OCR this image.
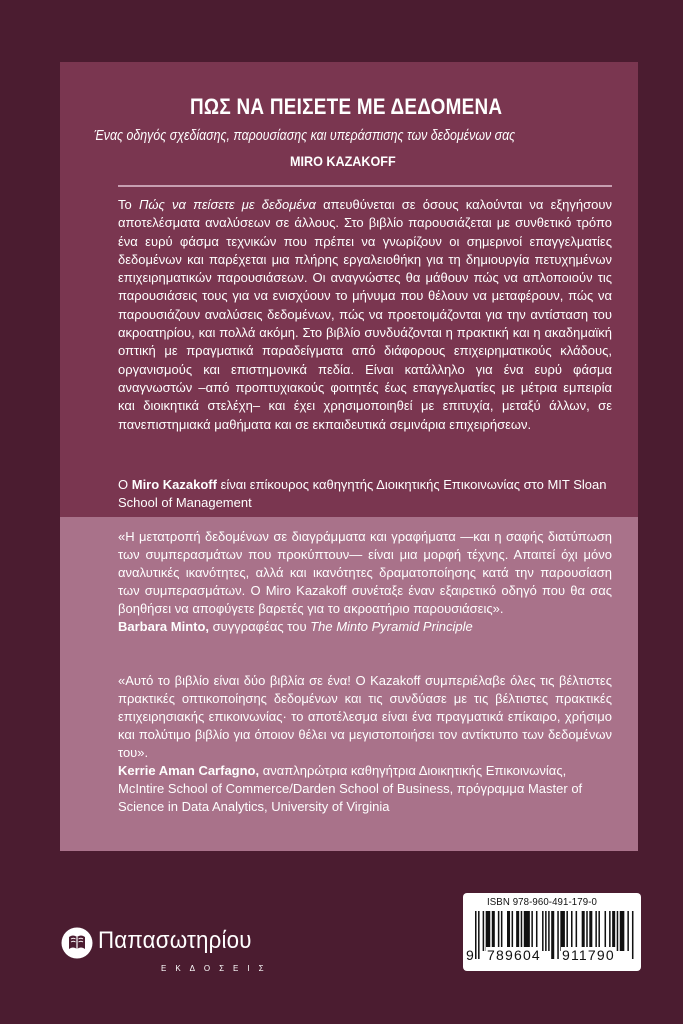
ΠΩΣ ΝΑ ΠΕΙΣΕΤΕ ΜΕ ΔΕΔΟΜΕΝΑ
Ένας οδηγός σχεδίασης, παρουσίασης και υπεράσπισης των δεδομένων σας
MIRO KAZAKOFF
Το Πώς να πείσετε με δεδομένα απευθύνεται σε όσους καλούνται να εξηγήσουν αποτελέσματα αναλύσεων σε άλλους. Στο βιβλίο παρουσιάζεται με συνθετικό τρόπο ένα ευρύ φάσμα τεχνικών που πρέπει να γνωρίζουν οι σημερινοί επαγγελματίες δεδομένων και παρέχεται μια πλήρης εργαλειοθήκη για τη δημιουργία πετυχημένων επιχειρηματικών παρουσιάσεων. Οι αναγνώστες θα μάθουν πώς να απλοποιούν τις παρουσιάσεις τους για να ενισχύουν το μήνυμα που θέλουν να μεταφέρουν, πώς να παρουσιάζουν αναλύσεις δεδομένων, πώς να προετοιμάζονται για την αντίσταση του ακροατηρίου, και πολλά ακόμη. Στο βιβλίο συνδυάζονται η πρακτική και η ακαδημαϊκή οπτική με πραγματικά παραδείγματα από διάφορους επιχειρηματικούς κλάδους, οργανισμούς και επιστημονικά πεδία. Είναι κατάλληλο για ένα ευρύ φάσμα αναγνωστών –από προπτυχιακούς φοιτητές έως επαγγελματίες με μέτρια εμπειρία και διοικητικά στελέχη– και έχει χρησιμοποιηθεί με επιτυχία, μεταξύ άλλων, σε πανεπιστημιακά μαθήματα και σε εκπαιδευτικά σεμινάρια επιχειρήσεων.
Ο Miro Kazakoff είναι επίκουρος καθηγητής Διοικητικής Επικοινωνίας στο MIT Sloan School of Management
«Η μετατροπή δεδομένων σε διαγράμματα και γραφήματα —και η σαφής διατύπωση των συμπερασμάτων που προκύπτουν— είναι μια μορφή τέχνης. Απαιτεί όχι μόνο αναλυτικές ικανότητες, αλλά και ικανότητες δραματοποίησης κατά την παρουσίαση των συμπερασμάτων. Ο Miro Kazakoff συνέταξε έναν εξαιρετικό οδηγό που θα σας βοηθήσει να αποφύγετε βαρετές για το ακροατήριο παρουσιάσεις».
Barbara Minto, συγγραφέας του The Minto Pyramid Principle
«Αυτό το βιβλίο είναι δύο βιβλία σε ένα! Ο Kazakoff συμπεριέλαβε όλες τις βέλτιστες πρακτικές οπτικοποίησης δεδομένων και τις συνδύασε με τις βέλτιστες πρακτικές επιχειρησιακής επικοινωνίας· το αποτέλεσμα είναι ένα πραγματικά επίκαιρο, χρήσιμο και πολύτιμο βιβλίο για όποιον θέλει να μεγιστοποιήσει τον αντίκτυπο των δεδομένων του».
Kerrie Aman Carfagno, αναπληρώτρια καθηγήτρια Διοικητικής Επικοινωνίας, McIntire School of Commerce/Darden School of Business, πρόγραμμα Master of Science in Data Analytics, University of Virginia
Παπασωτηρίου
ΕΚΔΟΣΕΙΣ
ISBN 978-960-491-179-0
9 789604 911790
